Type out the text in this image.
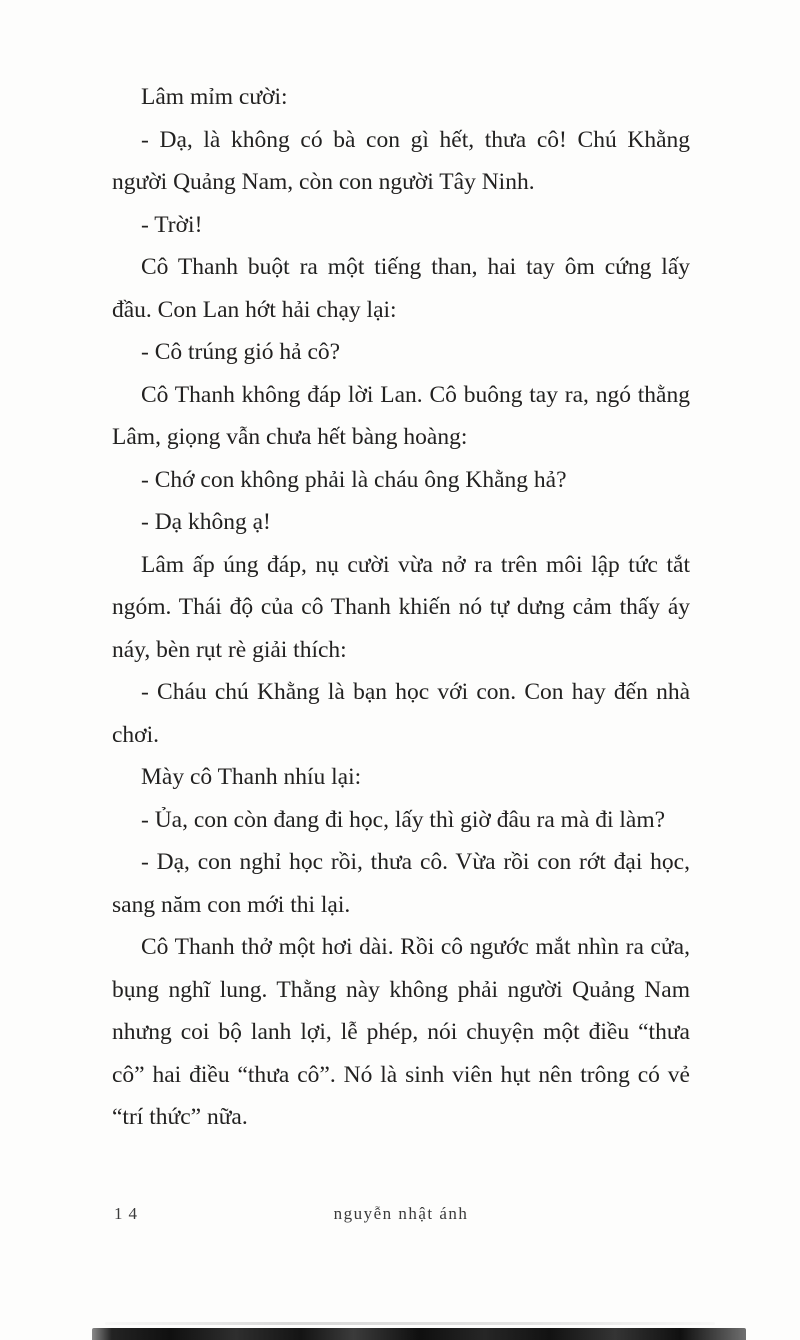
Lâm mỉm cười:

- Dạ, là không có bà con gì hết, thưa cô! Chú Khằng người Quảng Nam, còn con người Tây Ninh.

- Trời!

Cô Thanh buột ra một tiếng than, hai tay ôm cứng lấy đầu. Con Lan hớt hải chạy lại:

- Cô trúng gió hả cô?

Cô Thanh không đáp lời Lan. Cô buông tay ra, ngó thằng Lâm, giọng vẫn chưa hết bàng hoàng:

- Chớ con không phải là cháu ông Khằng hả?

- Dạ không ạ!

Lâm ấp úng đáp, nụ cười vừa nở ra trên môi lập tức tắt ngóm. Thái độ của cô Thanh khiến nó tự dưng cảm thấy áy náy, bèn rụt rè giải thích:

- Cháu chú Khằng là bạn học với con. Con hay đến nhà chơi.

Mày cô Thanh nhíu lại:

- Ủa, con còn đang đi học, lấy thì giờ đâu ra mà đi làm?

- Dạ, con nghỉ học rồi, thưa cô. Vừa rồi con rớt đại học, sang năm con mới thi lại.

Cô Thanh thở một hơi dài. Rồi cô ngước mắt nhìn ra cửa, bụng nghĩ lung. Thằng này không phải người Quảng Nam nhưng coi bộ lanh lợi, lễ phép, nói chuyện một điều “thưa cô” hai điều “thưa cô”. Nó là sinh viên hụt nên trông có vẻ “trí thức” nữa.

14	nguyễn nhật ánh
